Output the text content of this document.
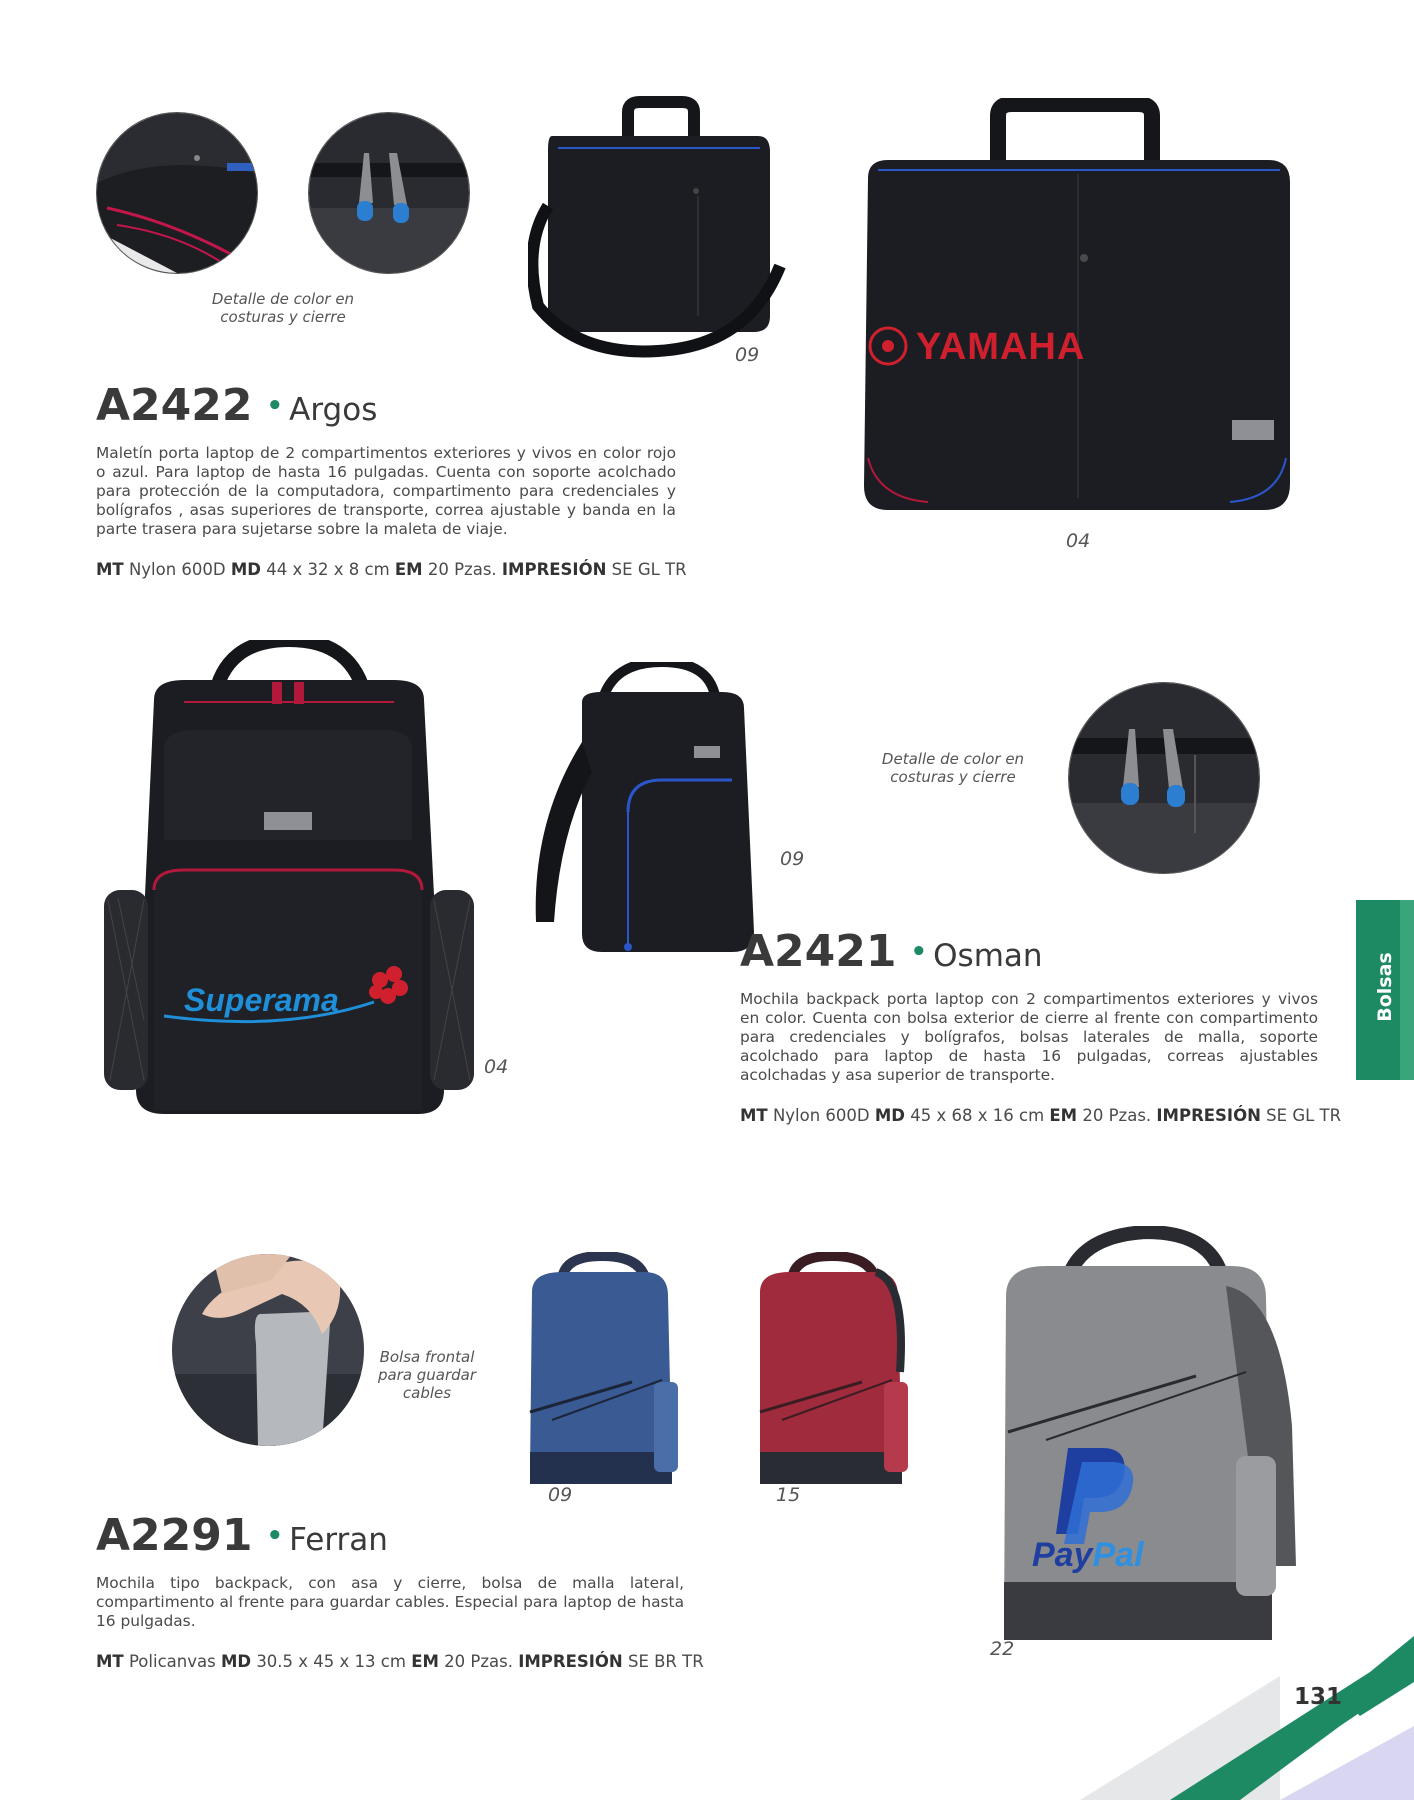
Detalle de color en
costuras y cierre
09	YAMAHA
04
A2422 • Argos
Maletín porta laptop de 2 compartimentos exteriores y vivos en color rojo o azul. Para laptop de hasta 16 pulgadas. Cuenta con soporte acolchado para protección de la computadora, compartimento para credenciales y bolígrafos , asas superiores de transporte, correa ajustable y banda en la parte trasera para sujetarse sobre la maleta de viaje.
MT Nylon 600D MD 44 x 32 x 8 cm EM 20 Pzas. IMPRESIÓN SE GL TR
Superama
04
09
Detalle de color en
costuras y cierre
A2421 • Osman
Mochila backpack porta laptop con 2 compartimentos exteriores y vivos en color. Cuenta con bolsa exterior de cierre al frente con compartimento para credenciales y bolígrafos, bolsas laterales de malla, soporte acolchado para laptop de hasta 16 pulgadas, correas ajustables acolchadas y asa superior de transporte.
MT Nylon 600D MD 45 x 68 x 16 cm EM 20 Pzas. IMPRESIÓN SE GL TR
Bolsa frontal
para guardar
cables
09	15
PayPal
22
A2291 • Ferran
Mochila tipo backpack, con asa y cierre, bolsa de malla lateral, compartimento al frente para guardar cables. Especial para laptop de hasta 16 pulgadas.
MT Policanvas MD 30.5 x 45 x 13 cm EM 20 Pzas. IMPRESIÓN SE BR TR
Bolsas
131
